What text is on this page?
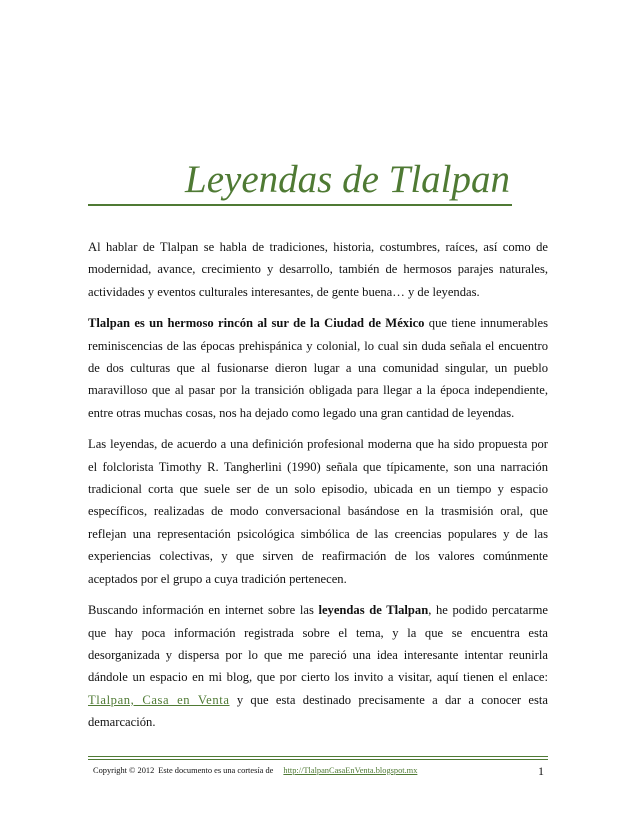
Leyendas de Tlalpan

Al hablar de Tlalpan se habla de tradiciones, historia, costumbres, raíces, así como de modernidad, avance, crecimiento y desarrollo, también de hermosos parajes naturales, actividades y eventos culturales interesantes, de gente buena… y de leyendas.

Tlalpan es un hermoso rincón al sur de la Ciudad de México que tiene innumerables reminiscencias de las épocas prehispánica y colonial, lo cual sin duda señala el encuentro de dos culturas que al fusionarse dieron lugar a una comunidad singular, un pueblo maravilloso que al pasar por la transición obligada para llegar a la época independiente, entre otras muchas cosas, nos ha dejado como legado una gran cantidad de leyendas.

Las leyendas, de acuerdo a una definición profesional moderna que ha sido propuesta por el folclorista Timothy R. Tangherlini (1990) señala que típicamente, son una narración tradicional corta que suele ser de un solo episodio, ubicada en un tiempo y espacio específicos, realizadas de modo conversacional basándose en la trasmisión oral, que reflejan una representación psicológica simbólica de las creencias populares y de las experiencias colectivas, y que sirven de reafirmación de los valores comúnmente aceptados por el grupo a cuya tradición pertenecen.

Buscando información en internet sobre las leyendas de Tlalpan, he podido percatarme que hay poca información registrada sobre el tema, y la que se encuentra esta desorganizada y dispersa por lo que me pareció una idea interesante intentar reunirla dándole un espacio en mi blog, que por cierto los invito a visitar, aquí tienen el enlace: Tlalpan, Casa en Venta y que esta destinado precisamente a dar a conocer esta demarcación.

Copyright © 2012 Este documento es una cortesía de http://TlalpanCasaEnVenta.blogspot.mx	1
